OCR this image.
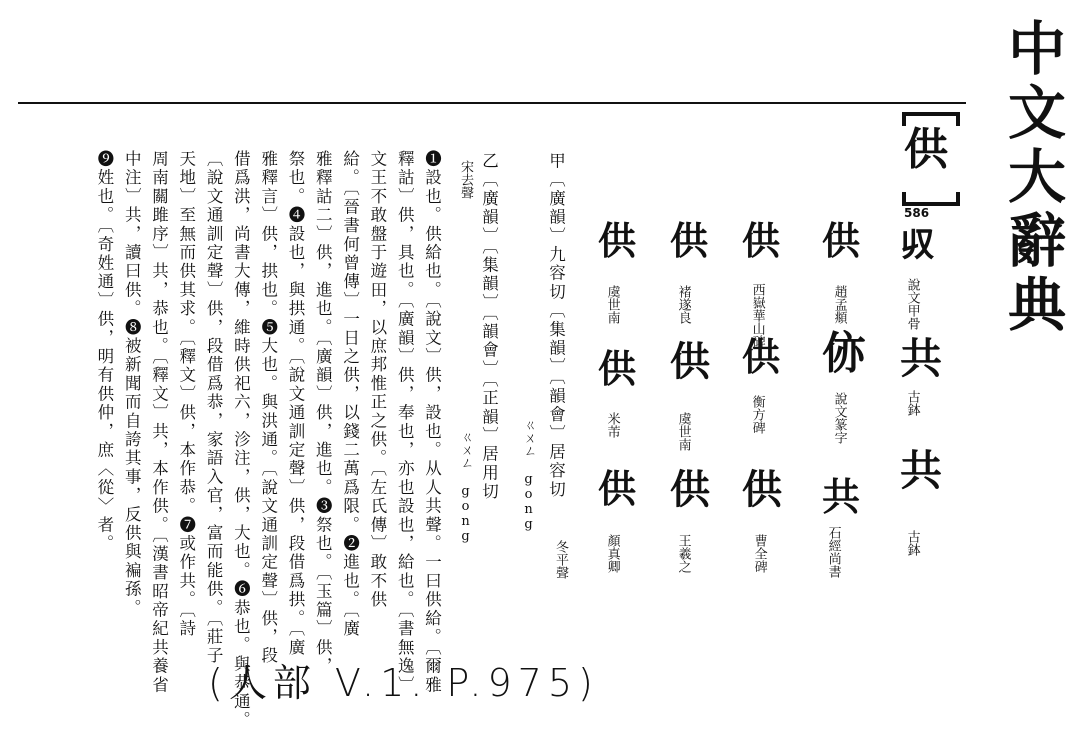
中文大辭典
供
586
𠬞
說文甲骨
共
古鉢
共
古鉢
供
趙孟頫
㑊
說文篆字
共
石經尚書
供
西嶽華山碑
供
衡方碑
供
曹全碑
供
虞世南
供
褚遂良
供
王羲之
供
虞世南
供
米芾
供
顏真卿
甲〔廣韻〕九容切〔集韻〕〔韻會〕居容切
ㄍㄨㄥ gong
冬平聲
乙〔廣韻〕〔集韻〕〔韻會〕〔正韻〕居用切
ㄍㄨㄥ gong
宋去聲
❶設也。供給也。〔說文〕供，設也。从人共聲。一曰供給。〔爾雅
釋詁〕供，具也。〔廣韻〕供，奉也，亦也設也，給也。〔書無逸〕
文王不敢盤于遊田，以庶邦惟正之供。〔左氏傳〕敢不供
給。〔晉書何曾傳〕一日之供，以錢二萬爲限。❷進也。〔廣
雅釋詁二〕供，進也。〔廣韻〕供，進也。❸祭也。〔玉篇〕供，
祭也。❹設也，與拱通。〔說文通訓定聲〕供，段借爲拱。〔廣
雅釋言〕供，拱也。❺大也。與洪通。〔說文通訓定聲〕供，段
借爲洪，尚書大傳，維時供祀六，沴注，供，大也。❻恭也。與恭通。
〔說文通訓定聲〕供，段借爲恭，家語入官，富而能供。〔莊子
天地〕至無而供其求。〔釋文〕供，本作恭。❼或作共。〔詩
周南關雎序〕共，恭也。〔釋文〕共，本作供。〔漢書昭帝紀共養省
中注〕共，讀曰供。❽被新聞而自誇其事，反供與褊孫。
❾姓也。〔奇姓通〕供，明有供仲，庶〈從〉者。
(人部 V.1. P.975)
